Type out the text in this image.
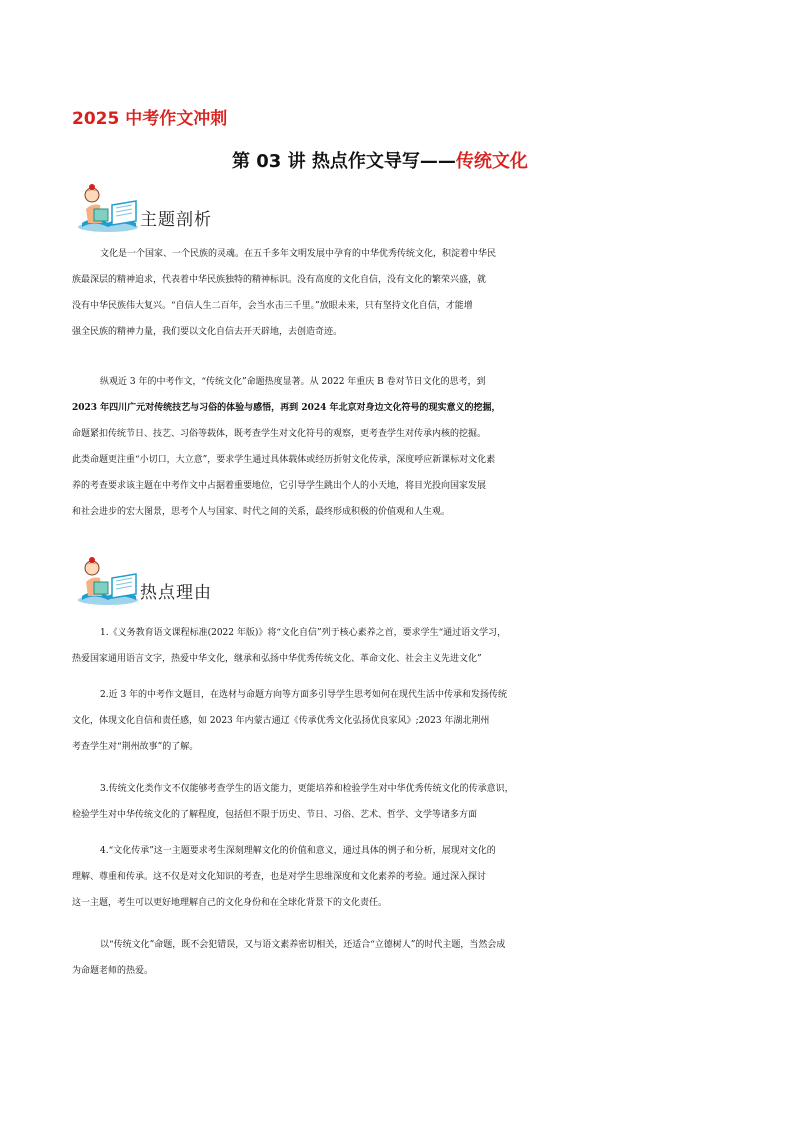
2025 中考作文冲刺
第 03 讲 热点作文导写——传统文化
主题剖析

文化是一个国家、一个民族的灵魂。在五千多年文明发展中孕育的中华优秀传统文化，积淀着中华民
族最深层的精神追求，代表着中华民族独特的精神标识。没有高度的文化自信，没有文化的繁荣兴盛，就
没有中华民族伟大复兴。“自信人生二百年，会当水击三千里。”放眼未来，只有坚持文化自信，才能增
强全民族的精神力量，我们要以文化自信去开天辟地，去创造奇迹。

纵观近 3 年的中考作文，“传统文化”命题热度显著。从 2022 年重庆 B 卷对节日文化的思考，到
2023 年四川广元对传统技艺与习俗的体验与感悟，再到 2024 年北京对身边文化符号的现实意义的挖掘，
命题紧扣传统节日、技艺、习俗等载体，既考查学生对文化符号的观察，更考查学生对传承内核的挖掘。
此类命题更注重“小切口，大立意”，要求学生通过具体载体或经历折射文化传承，深度呼应新课标对文化素
养的考查要求该主题在中考作文中占据着重要地位，它引导学生跳出个人的小天地，将目光投向国家发展
和社会进步的宏大图景，思考个人与国家、时代之间的关系，最终形成积极的价值观和人生观。

热点理由

1.《义务教育语文课程标准(2022 年版)》将“文化自信”列于核心素养之首，要求学生“通过语文学习，
热爱国家通用语言文字，热爱中华文化，继承和弘扬中华优秀传统文化、革命文化、社会主义先进文化”

2.近 3 年的中考作文题目，在选材与命题方向等方面多引导学生思考如何在现代生活中传承和发扬传统
文化，体现文化自信和责任感，如 2023 年内蒙古通辽《传承优秀文化弘扬优良家风》;2023 年湖北荆州
考查学生对“荆州故事”的了解。

3.传统文化类作文不仅能够考查学生的语文能力，更能培养和检验学生对中华优秀传统文化的传承意识，
检验学生对中华传统文化的了解程度，包括但不限于历史、节日、习俗、艺术、哲学、文学等诸多方面

4.“文化传承”这一主题要求考生深刻理解文化的价值和意义，通过具体的例子和分析，展现对文化的
理解、尊重和传承。这不仅是对文化知识的考查，也是对学生思维深度和文化素养的考验。通过深入探讨
这一主题，考生可以更好地理解自己的文化身份和在全球化背景下的文化责任。

以“传统文化”命题，既不会犯错误，又与语文素养密切相关，还适合“立德树人”的时代主题，当然会成
为命题老师的热爱。
